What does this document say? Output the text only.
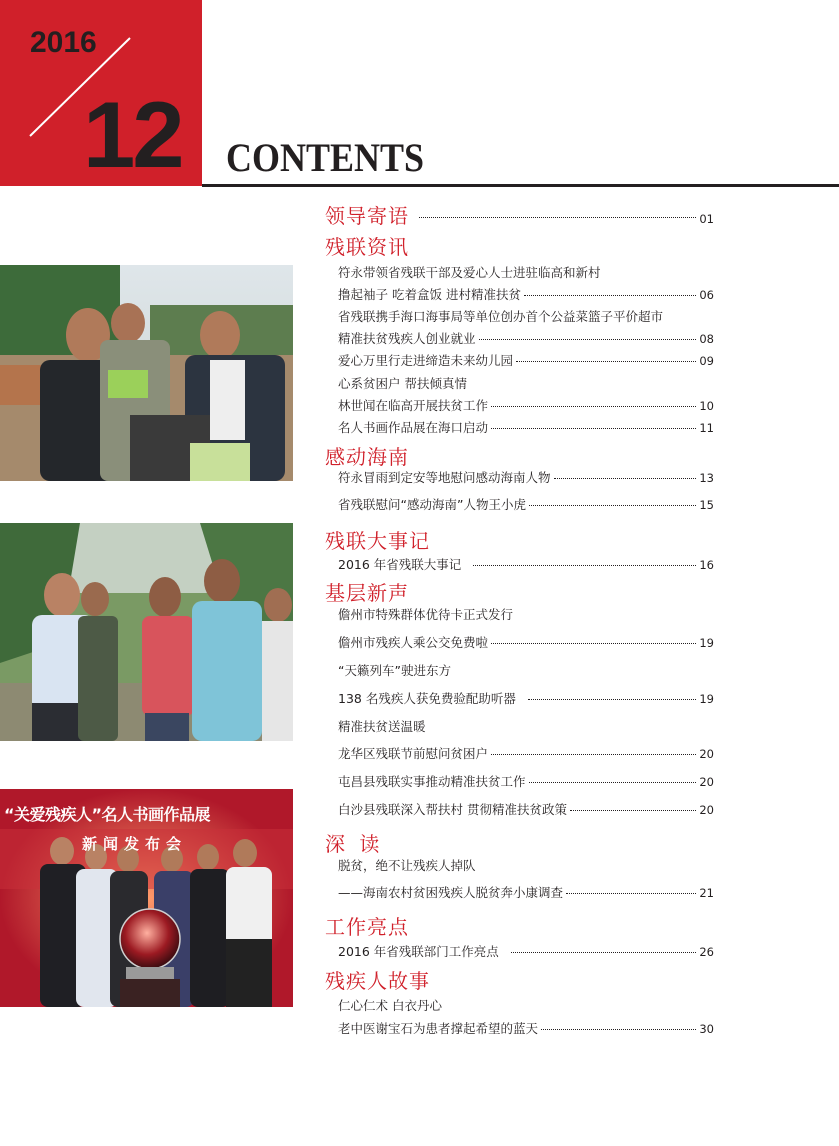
2016
12 CONTENTS
“关爱残疾人”名人书画作品展
新闻发布会
领导寄语	01
残联资讯
符永带领省残联干部及爱心人士进驻临高和新村
撸起袖子 吃着盒饭 进村精准扶贫	06
省残联携手海口海事局等单位创办首个公益菜篮子平价超市
精准扶贫残疾人创业就业	08
爱心万里行走进缔造未来幼儿园	09
心系贫困户 帮扶倾真情
林世闻在临高开展扶贫工作	10
名人书画作品展在海口启动	11
感动海南
符永冒雨到定安等地慰问感动海南人物	13
省残联慰问“感动海南”人物王小虎	15
残联大事记
2016 年省残联大事记	16
基层新声
儋州市特殊群体优待卡正式发行
儋州市残疾人乘公交免费啦	19
“天籁列车”驶进东方
138 名残疾人获免费验配助听器	19
精准扶贫送温暖
龙华区残联节前慰问贫困户	20
屯昌县残联实事推动精准扶贫工作	20
白沙县残联深入帮扶村 贯彻精准扶贫政策	20
深 读
脱贫，绝不让残疾人掉队
——海南农村贫困残疾人脱贫奔小康调查	21
工作亮点
2016 年省残联部门工作亮点	26
残疾人故事
仁心仁术 白衣丹心
老中医谢宝石为患者撑起希望的蓝天	30
